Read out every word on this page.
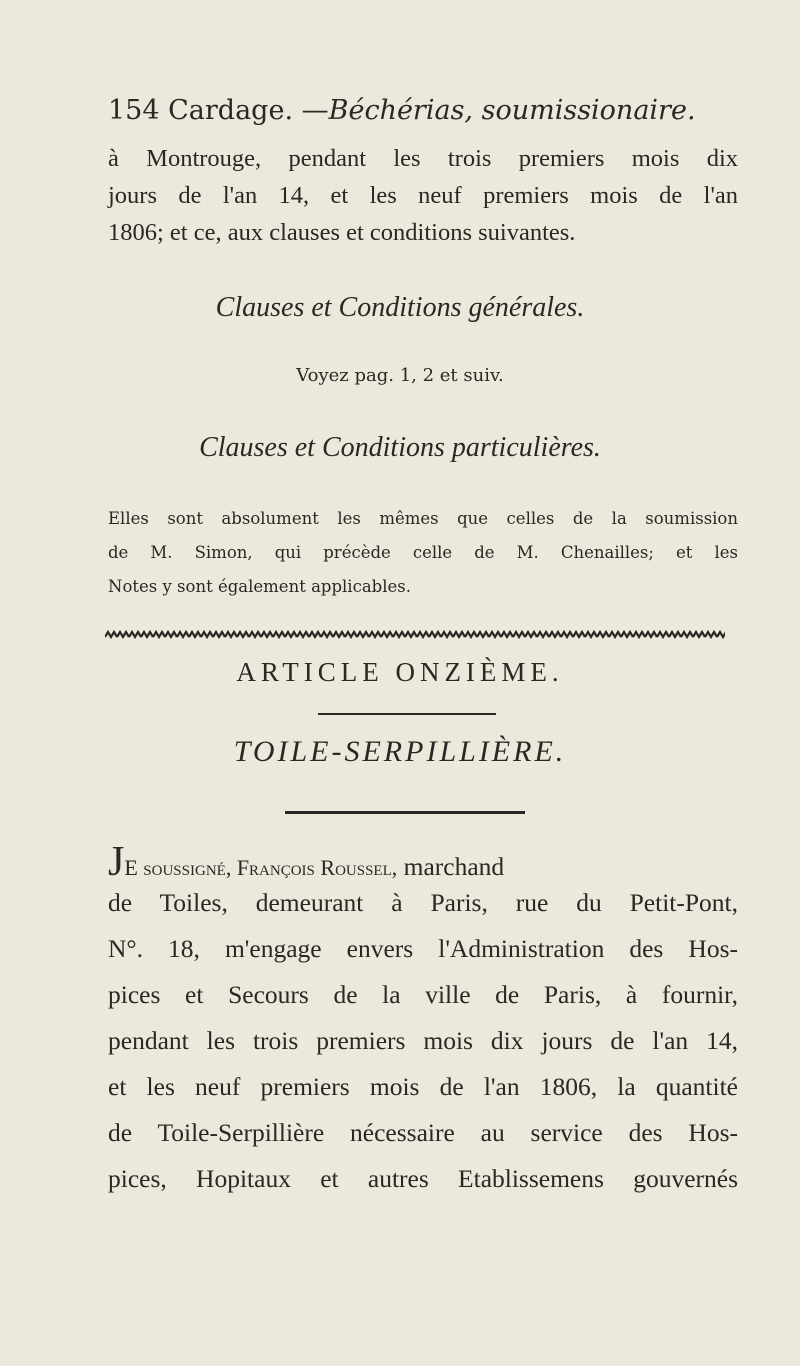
154 Cardage. —Béchérias, soumissionaire.
à Montrouge, pendant les trois premiers mois dix
jours de l'an 14, et les neuf premiers mois de l'an
1806; et ce, aux clauses et conditions suivantes.
Clauses et Conditions générales.
Voyez pag. 1, 2 et suiv.
Clauses et Conditions particulières.
Elles sont absolument les mêmes que celles de la soumission
de M. Simon, qui précède celle de M. Chenailles; et les
Notes y sont également applicables.
ARTICLE ONZIÈME.
TOILE-SERPILLIÈRE.
JE soussigné, François Roussel, marchand
de Toiles, demeurant à Paris, rue du Petit-Pont,
N°. 18, m'engage envers l'Administration des Hos-
pices et Secours de la ville de Paris, à fournir,
pendant les trois premiers mois dix jours de l'an 14,
et les neuf premiers mois de l'an 1806, la quantité
de Toile-Serpillière nécessaire au service des Hos-
pices, Hopitaux et autres Etablissemens gouvernés
